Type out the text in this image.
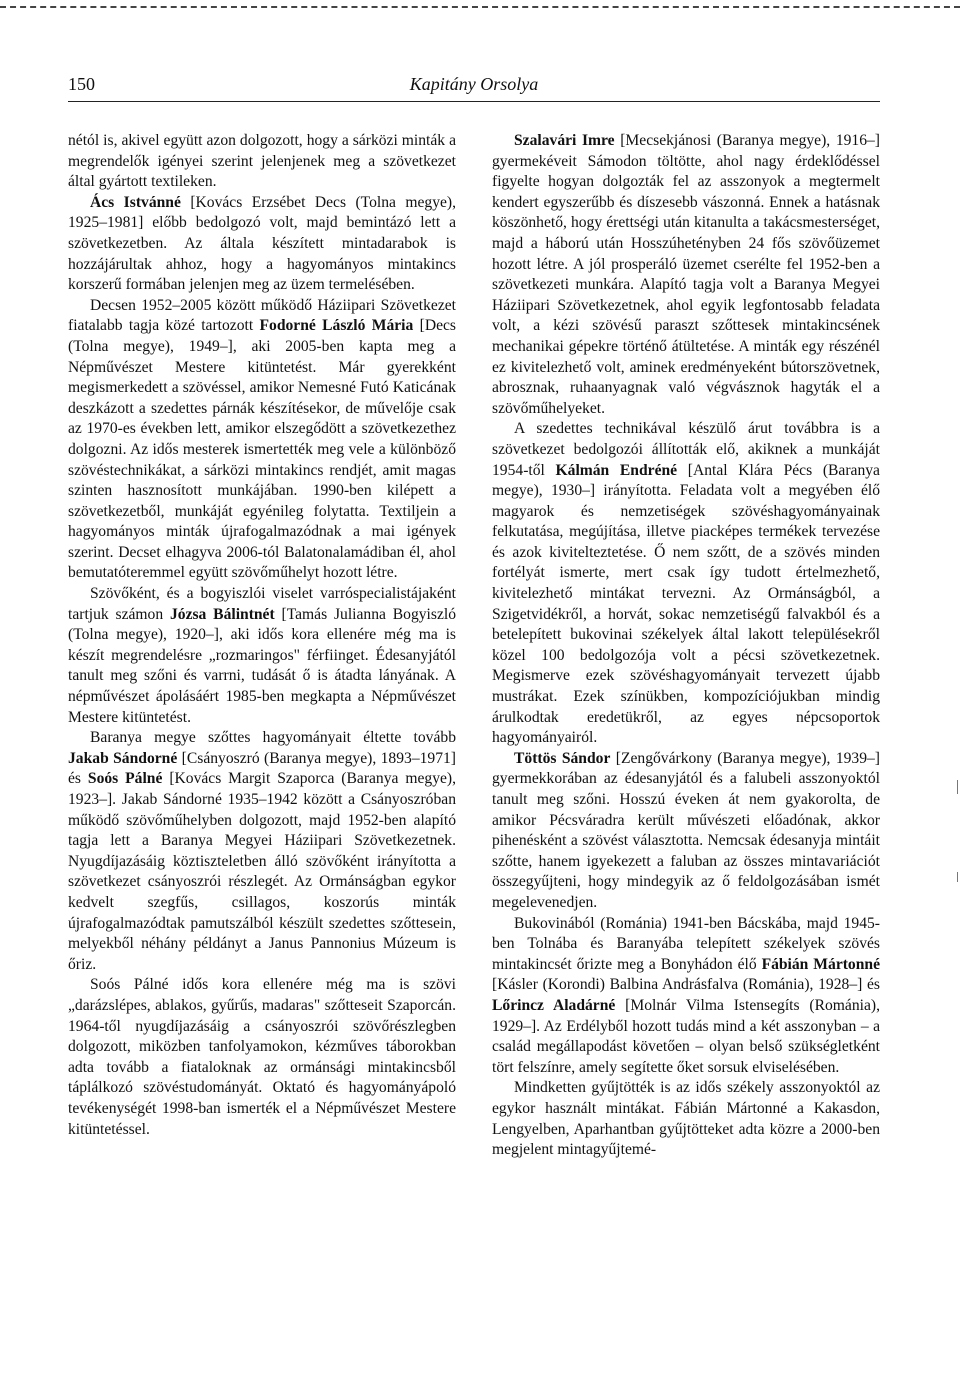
150	Kapitány Orsolya

nétól is, akivel együtt azon dolgozott, hogy a sárközi minták a megrendelők igényei szerint jelenjenek meg a szövetkezet által gyártott textileken.

Ács Istvánné [Kovács Erzsébet Decs (Tolna megye), 1925–1981] előbb bedolgozó volt, majd bemintázó lett a szövetkezetben. Az általa készített mintadarabok is hozzájárultak ahhoz, hogy a hagyományos mintakincs korszerű formában jelenjen meg az üzem termelésében.

Decsen 1952–2005 között működő Háziipari Szövetkezet fiatalabb tagja közé tartozott Fodorné László Mária [Decs (Tolna megye), 1949–], aki 2005-ben kapta meg a Népművészet Mestere kitüntetést. Már gyerekként megismerkedett a szövéssel, amikor Nemesné Futó Katicának deszkázott a szedettes párnák készítésekor, de művelője csak az 1970-es években lett, amikor elszegődött a szövetkezethez dolgozni. Az idős mesterek ismertették meg vele a különböző szövéstechnikákat, a sárközi mintakincs rendjét, amit magas szinten hasznosított munkájában. 1990-ben kilépett a szövetkezetből, munkáját egyénileg folytatta. Textiljein a hagyományos minták újrafogalmazódnak a mai igények szerint. Decset elhagyva 2006-tól Balatonalamádiban él, ahol bemutatóteremmel együtt szövőműhelyt hozott létre.

Szövőként, és a bogyiszlói viselet varróspecialistájaként tartjuk számon Józsa Bálintnét [Tamás Julianna Bogyiszló (Tolna megye), 1920–], aki idős kora ellenére még ma is készít megrendelésre „rozmaringos" férfiinget. Édesanyjától tanult meg szőni és varrni, tudását ő is átadta lányának. A népművészet ápolásáért 1985-ben megkapta a Népművészet Mestere kitüntetést.

Baranya megye szőttes hagyományait éltette tovább Jakab Sándorné [Csányoszró (Baranya megye), 1893–1971] és Soós Pálné [Kovács Margit Szaporca (Baranya megye), 1923–]. Jakab Sándorné 1935–1942 között a Csányoszróban működő szövőműhelyben dolgozott, majd 1952-ben alapító tagja lett a Baranya Megyei Háziipari Szövetkezetnek. Nyugdíjazásáig köztiszteletben álló szövőként irányította a szövetkezet csányoszrói részlegét. Az Ormánságban egykor kedvelt szegfűs, csillagos, koszorús minták újrafogalmazódtak pamutszálból készült szedettes szőttesein, melyekből néhány példányt a Janus Pannonius Múzeum is őriz.

Soós Pálné idős kora ellenére még ma is szövi „darázslépes, ablakos, gyűrűs, madaras" szőtteseit Szaporcán. 1964-től nyugdíjazásáig a csányoszrói szövőrészlegben dolgozott, miközben tanfolyamokon, kézműves táborokban adta tovább a fiataloknak az ormánsági mintakincsből táplálkozó szövéstudományát. Oktató és hagyományápoló tevékenységét 1998-ban ismerték el a Népművészet Mestere kitüntetéssel.

Szalavári Imre [Mecsekjánosi (Baranya megye), 1916–] gyermekéveit Sámodon töltötte, ahol nagy érdeklődéssel figyelte hogyan dolgozták fel az asszonyok a megtermelt kendert egyszerűbb és díszesebb vászonná. Ennek a hatásnak köszönhető, hogy érettségi után kitanulta a takácsmesterséget, majd a háború után Hosszúhetényben 24 fős szövőüzemet hozott létre. A jól prosperáló üzemet cserélte fel 1952-ben a szövetkezeti munkára. Alapító tagja volt a Baranya Megyei Háziipari Szövetkezetnek, ahol egyik legfontosabb feladata volt, a kézi szövésű paraszt szőttesek mintakincsének mechanikai gépekre történő átültetése. A minták egy részénél ez kivitelezhető volt, aminek eredményeként bútorszövetnek, abrosznak, ruhaanyagnak való végvásznok hagyták el a szövőműhelyeket.

A szedettes technikával készülő árut továbbra is a szövetkezet bedolgozói állították elő, akiknek a munkáját 1954-től Kálmán Endréné [Antal Klára Pécs (Baranya megye), 1930–] irányította. Feladata volt a megyében élő magyarok és nemzetiségek szövéshagyományainak felkutatása, megújítása, illetve piacképes termékek tervezése és azok kivitelteztetése. Ő nem szőtt, de a szövés minden fortélyát ismerte, mert csak így tudott értelmezhető, kivitelezhető mintákat tervezni. Az Ormánságból, a Szigetvidékről, a horvát, sokac nemzetiségű falvakból és a betelepített bukovinai székelyek által lakott településekről közel 100 bedolgozója volt a pécsi szövetkezetnek. Megismerve ezek szövéshagyományait tervezett újabb mustrákat. Ezek színükben, kompozíciójukban mindig árulkodtak eredetükről, az egyes népcsoportok hagyományairól.

Töttös Sándor [Zengővárkony (Baranya megye), 1939–] gyermekkorában az édesanyjától és a falubeli asszonyoktól tanult meg szőni. Hosszú éveken át nem gyakorolta, de amikor Pécsváradra került művészeti előadónak, akkor pihenésként a szövést választotta. Nemcsak édesanyja mintáit szőtte, hanem igyekezett a faluban az összes mintavariációt összegyűjteni, hogy mindegyik az ő feldolgozásában ismét megelevenedjen.

Bukovinából (Románia) 1941-ben Bácskába, majd 1945-ben Tolnába és Baranyába telepített székelyek szövés mintakincsét őrizte meg a Bonyhádon élő Fábián Mártonné [Kásler (Korondi) Balbina Andrásfalva (Románia), 1928–] és Lőrincz Aladárné [Molnár Vilma Istensegíts (Románia), 1929–]. Az Erdélyből hozott tudás mind a két asszonyban – a család megállapodást követően – olyan belső szükségletként tört felszínre, amely segítette őket sorsuk elviselésében.

Mindketten gyűjtötték is az idős székely asszonyoktól az egykor használt mintákat. Fábián Mártonné a Kakasdon, Lengyelben, Aparhantban gyűjtötteket adta közre a 2000-ben megjelent mintagyűjtemé-
